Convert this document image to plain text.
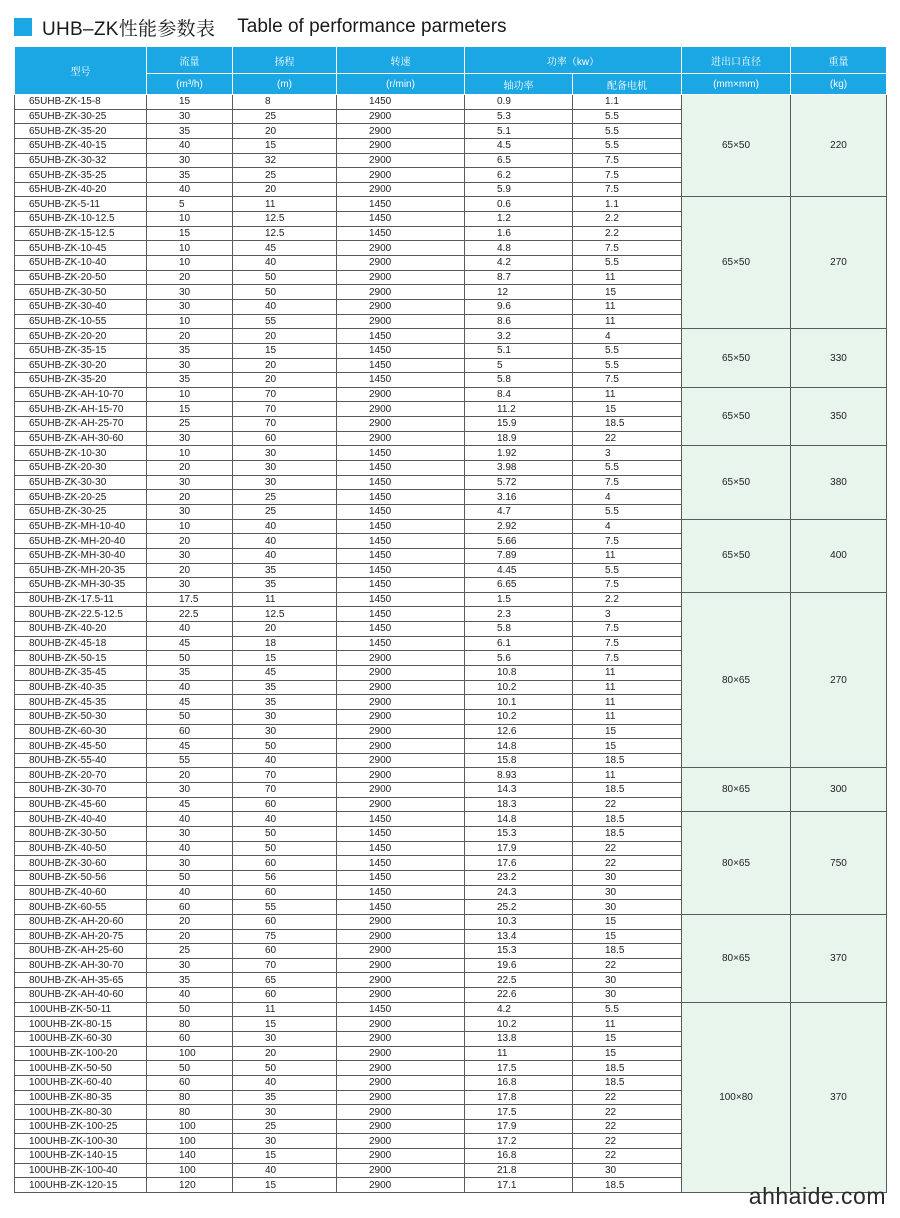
UHB–ZK性能参数表 Table of performance parmeters
型号	流量	扬程	转速	功率（kw）		进出口直径	重量
	(m³/h)	(m)	(r/min)	轴功率	配备电机	(mm×mm)	(kg)
65UHB-ZK-15-8	15	8	1450	0.9	1.1	65×50	220
65UHB-ZK-30-25	30	25	2900	5.3	5.5		
65UHB-ZK-35-20	35	20	2900	5.1	5.5		
65UHB-ZK-40-15	40	15	2900	4.5	5.5		
65UHB-ZK-30-32	30	32	2900	6.5	7.5		
65UHB-ZK-35-25	35	25	2900	6.2	7.5		
65HUB-ZK-40-20	40	20	2900	5.9	7.5		
65UHB-ZK-5-11	5	11	1450	0.6	1.1	65×50	270
65UHB-ZK-10-12.5	10	12.5	1450	1.2	2.2		
65UHB-ZK-15-12.5	15	12.5	1450	1.6	2.2		
65UHB-ZK-10-45	10	45	2900	4.8	7.5		
65UHB-ZK-10-40	10	40	2900	4.2	5.5		
65UHB-ZK-20-50	20	50	2900	8.7	11		
65UHB-ZK-30-50	30	50	2900	12	15		
65UHB-ZK-30-40	30	40	2900	9.6	11		
65UHB-ZK-10-55	10	55	2900	8.6	11		
65UHB-ZK-20-20	20	20	1450	3.2	4	65×50	330
65UHB-ZK-35-15	35	15	1450	5.1	5.5		
65UHB-ZK-30-20	30	20	1450	5	5.5		
65UHB-ZK-35-20	35	20	1450	5.8	7.5		
65UHB-ZK-AH-10-70	10	70	2900	8.4	11	65×50	350
65UHB-ZK-AH-15-70	15	70	2900	11.2	15		
65UHB-ZK-AH-25-70	25	70	2900	15.9	18.5		
65UHB-ZK-AH-30-60	30	60	2900	18.9	22		
65UHB-ZK-10-30	10	30	1450	1.92	3	65×50	380
65UHB-ZK-20-30	20	30	1450	3.98	5.5		
65UHB-ZK-30-30	30	30	1450	5.72	7.5		
65UHB-ZK-20-25	20	25	1450	3.16	4		
65UHB-ZK-30-25	30	25	1450	4.7	5.5		
65UHB-ZK-MH-10-40	10	40	1450	2.92	4	65×50	400
65UHB-ZK-MH-20-40	20	40	1450	5.66	7.5		
65UHB-ZK-MH-30-40	30	40	1450	7.89	11		
65UHB-ZK-MH-20-35	20	35	1450	4.45	5.5		
65UHB-ZK-MH-30-35	30	35	1450	6.65	7.5		
80UHB-ZK-17.5-11	17.5	11	1450	1.5	2.2	80×65	270
80UHB-ZK-22.5-12.5	22.5	12.5	1450	2.3	3		
80UHB-ZK-40-20	40	20	1450	5.8	7.5		
80UHB-ZK-45-18	45	18	1450	6.1	7.5		
80UHB-ZK-50-15	50	15	2900	5.6	7.5		
80UHB-ZK-35-45	35	45	2900	10.8	11		
80UHB-ZK-40-35	40	35	2900	10.2	11		
80UHB-ZK-45-35	45	35	2900	10.1	11		
80UHB-ZK-50-30	50	30	2900	10.2	11		
80UHB-ZK-60-30	60	30	2900	12.6	15		
80UHB-ZK-45-50	45	50	2900	14.8	15		
80UHB-ZK-55-40	55	40	2900	15.8	18.5		
80UHB-ZK-20-70	20	70	2900	8.93	11	80×65	300
80UHB-ZK-30-70	30	70	2900	14.3	18.5		
80UHB-ZK-45-60	45	60	2900	18.3	22		
80UHB-ZK-40-40	40	40	1450	14.8	18.5	80×65	750
80UHB-ZK-30-50	30	50	1450	15.3	18.5		
80UHB-ZK-40-50	40	50	1450	17.9	22		
80UHB-ZK-30-60	30	60	1450	17.6	22		
80UHB-ZK-50-56	50	56	1450	23.2	30		
80UHB-ZK-40-60	40	60	1450	24.3	30		
80UHB-ZK-60-55	60	55	1450	25.2	30		
80UHB-ZK-AH-20-60	20	60	2900	10.3	15	80×65	370
80UHB-ZK-AH-20-75	20	75	2900	13.4	15		
80UHB-ZK-AH-25-60	25	60	2900	15.3	18.5		
80UHB-ZK-AH-30-70	30	70	2900	19.6	22		
80UHB-ZK-AH-35-65	35	65	2900	22.5	30		
80UHB-ZK-AH-40-60	40	60	2900	22.6	30		
100UHB-ZK-50-11	50	11	1450	4.2	5.5	100×80	370
100UHB-ZK-80-15	80	15	2900	10.2	11		
100UHB-ZK-60-30	60	30	2900	13.8	15		
100UHB-ZK-100-20	100	20	2900	11	15		
100UHB-ZK-50-50	50	50	2900	17.5	18.5		
100UHB-ZK-60-40	60	40	2900	16.8	18.5		
100UHB-ZK-80-35	80	35	2900	17.8	22		
100UHB-ZK-80-30	80	30	2900	17.5	22		
100UHB-ZK-100-25	100	25	2900	17.9	22		
100UHB-ZK-100-30	100	30	2900	17.2	22		
100UHB-ZK-140-15	140	15	2900	16.8	22		
100UHB-ZK-100-40	100	40	2900	21.8	30		
100UHB-ZK-120-15	120	15	2900	17.1	18.5			ahhaide.com
